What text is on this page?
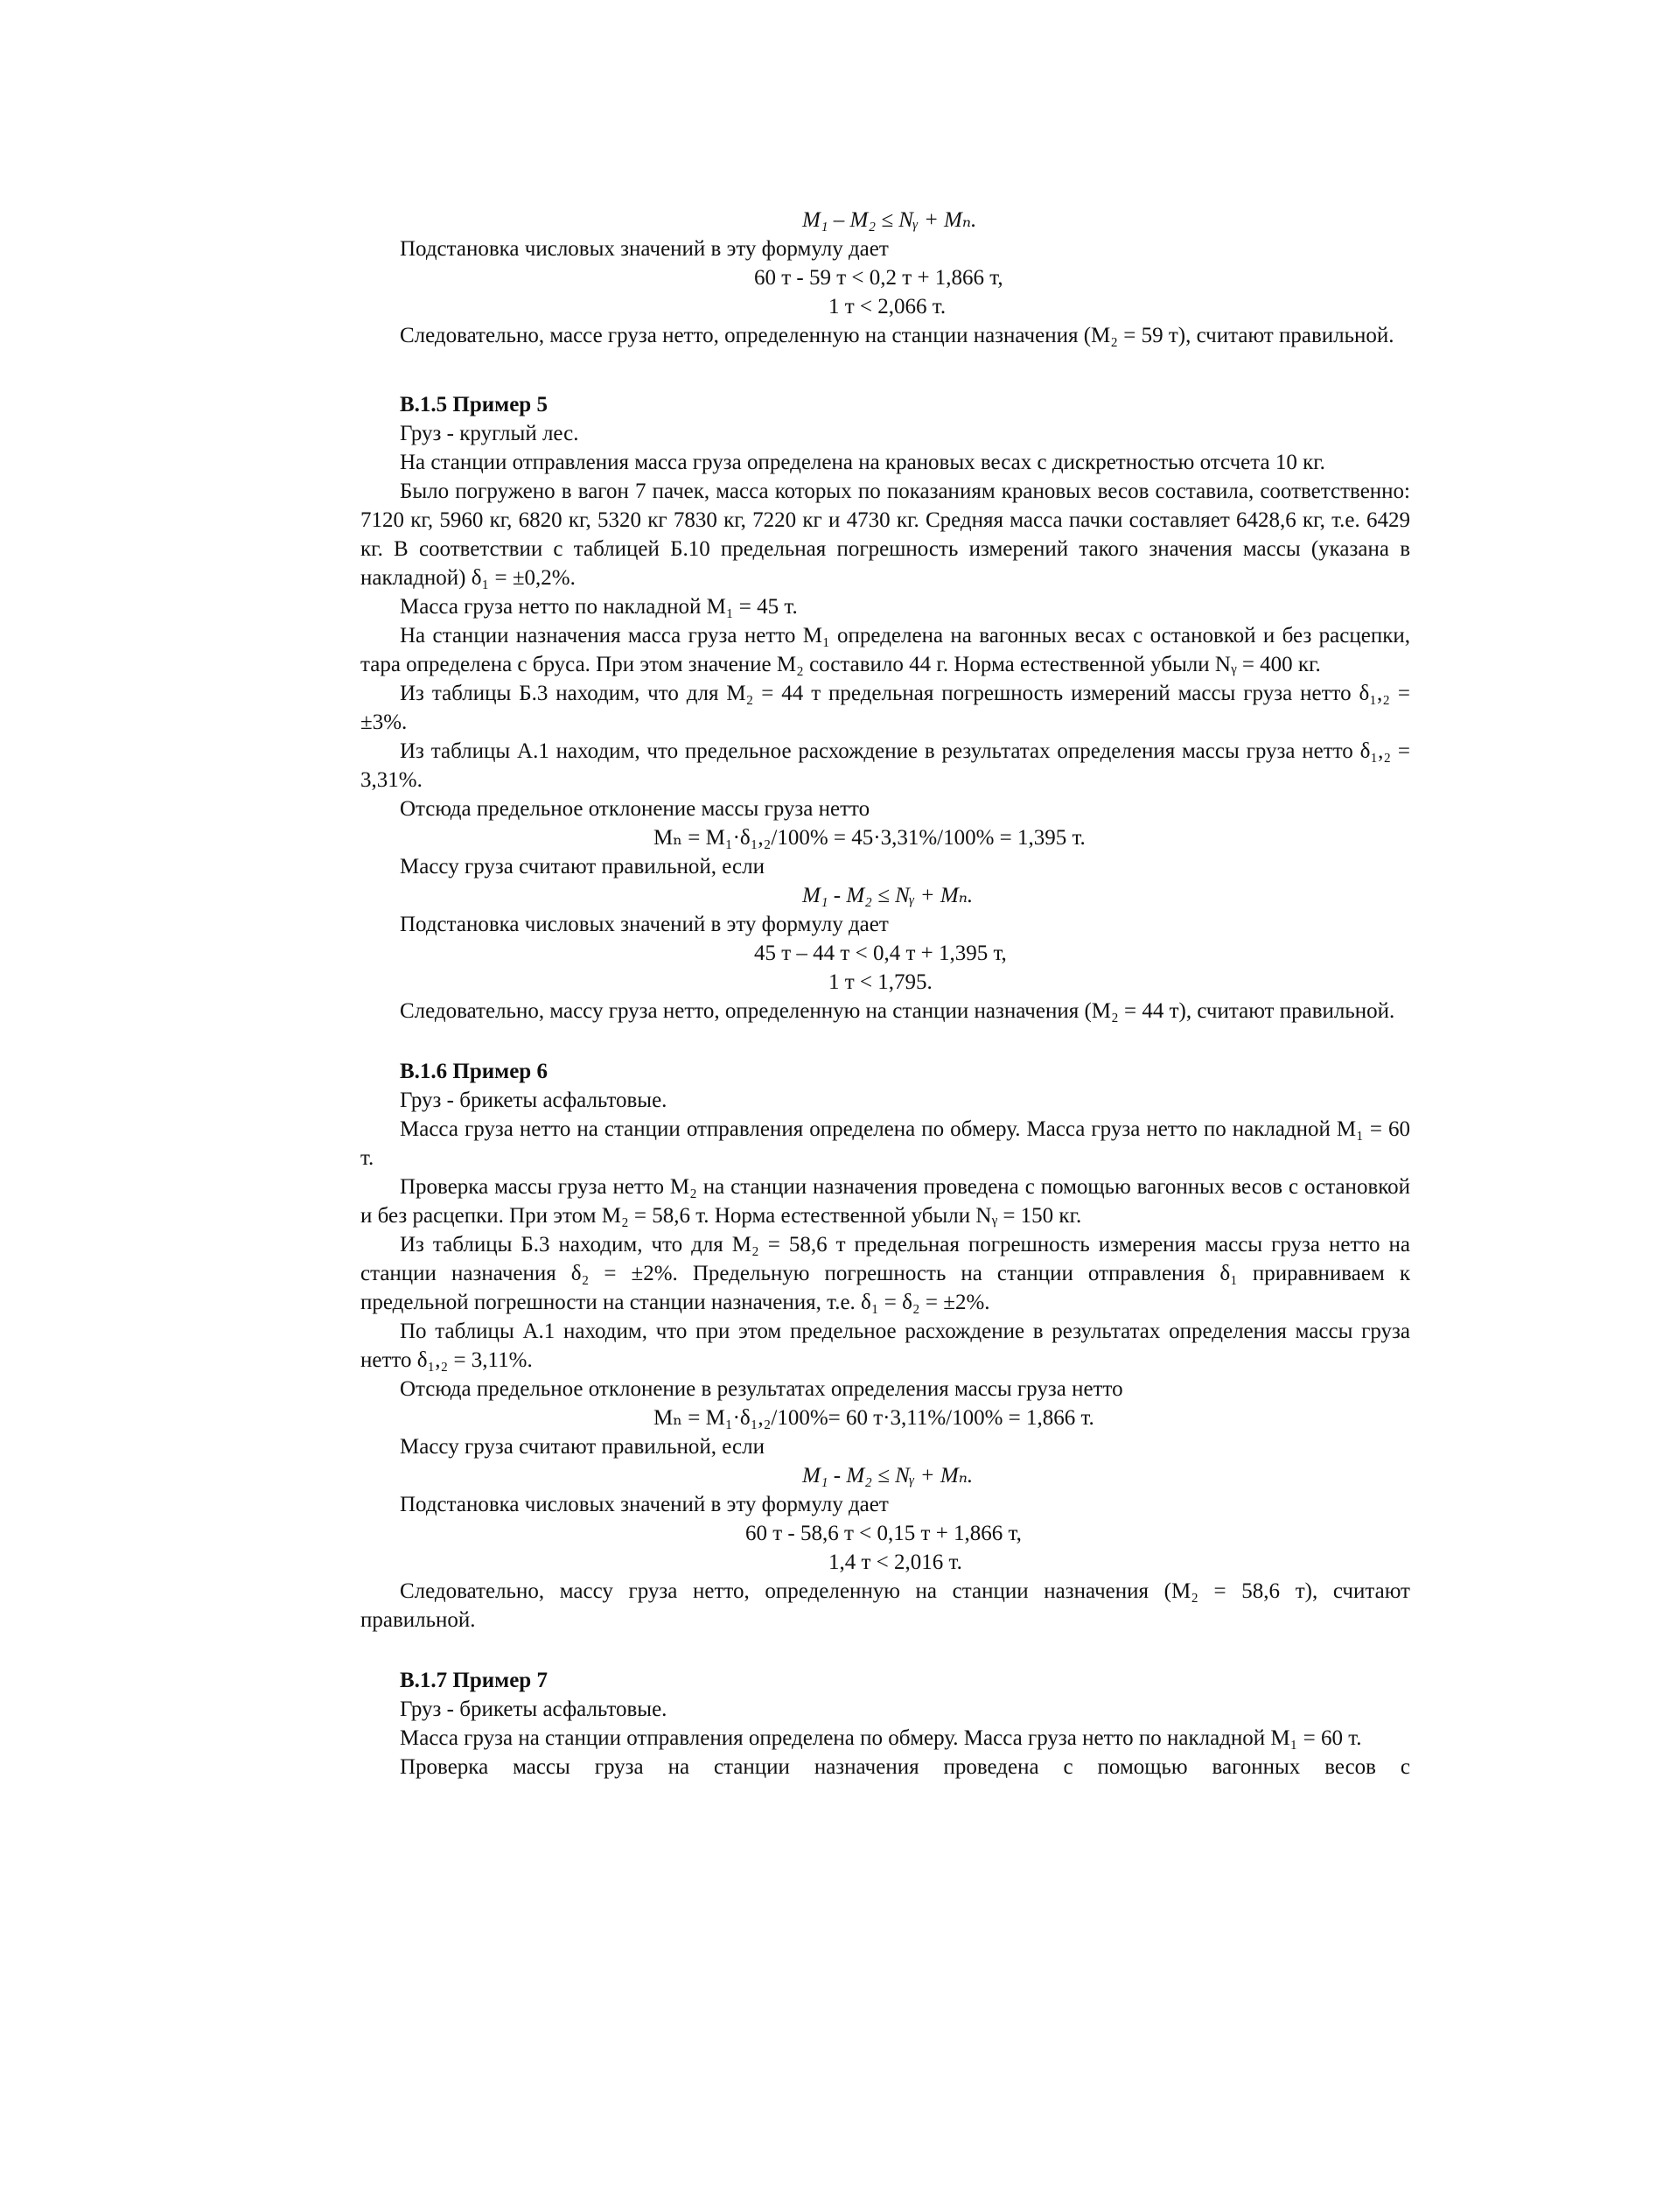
M₁ – M₂ ≤ Nᵧ + Mₙ.

Подстановка числовых значений в эту формулу дает

60 т - 59 т < 0,2 т + 1,866 т,

1 т < 2,066 т.

Следовательно, массе груза нетто, определенную на станции назначения (M₂ = 59 т), считают правильной.

В.1.5 Пример 5

Груз - круглый лес.

На станции отправления масса груза определена на крановых весах с дискретностью отсчета 10 кг.

Было погружено в вагон 7 пачек, масса которых по показаниям крановых весов составила, соответственно: 7120 кг, 5960 кг, 6820 кг, 5320 кг 7830 кг, 7220 кг и 4730 кг. Средняя масса пачки составляет 6428,6 кг, т.е. 6429 кг. В соответствии с таблицей Б.10 предельная погрешность измерений такого значения массы (указана в накладной) δ₁ = ±0,2%.

Масса груза нетто по накладной M₁ = 45 т.

На станции назначения масса груза нетто M₁ определена на вагонных весах с остановкой и без расцепки, тара определена с бруса. При этом значение M₂ составило 44 г. Норма естественной убыли Nᵧ = 400 кг.

Из таблицы Б.3 находим, что для M₂ = 44 т предельная погрешность измерений массы груза нетто δ₁,₂ = ±3%.

Из таблицы А.1 находим, что предельное расхождение в результатах определения массы груза нетто δ₁,₂ = 3,31%.

Отсюда предельное отклонение массы груза нетто

Mₙ = M₁·δ₁,₂/100% = 45·3,31%/100% = 1,395 т.

Массу груза считают правильной, если

M₁ - M₂ ≤ Nᵧ + Mₙ.

Подстановка числовых значений в эту формулу дает

45 т – 44 т < 0,4 т + 1,395 т,

1 т < 1,795.

Следовательно, массу груза нетто, определенную на станции назначения (M₂ = 44 т), считают правильной.

В.1.6 Пример 6

Груз - брикеты асфальтовые.

Масса груза нетто на станции отправления определена по обмеру. Масса груза нетто по накладной M₁ = 60 т.

Проверка массы груза нетто M₂ на станции назначения проведена с помощью вагонных весов с остановкой и без расцепки. При этом M₂ = 58,6 т. Норма естественной убыли Nᵧ = 150 кг.

Из таблицы Б.3 находим, что для M₂ = 58,6 т предельная погрешность измерения массы груза нетто на станции назначения δ₂ = ±2%. Предельную погрешность на станции отправления δ₁ приравниваем к предельной погрешности на станции назначения, т.е. δ₁ = δ₂ = ±2%.

По таблицы А.1 находим, что при этом предельное расхождение в результатах определения массы груза нетто δ₁,₂ = 3,11%.

Отсюда предельное отклонение в результатах определения массы груза нетто

Mₙ = M₁·δ₁,₂/100%= 60 т·3,11%/100% = 1,866 т.

Массу груза считают правильной, если

M₁ - M₂ ≤ Nᵧ + Mₙ.

Подстановка числовых значений в эту формулу дает

60 т - 58,6 т < 0,15 т + 1,866 т,

1,4 т < 2,016 т.

Следовательно, массу груза нетто, определенную на станции назначения (M₂ = 58,6 т), считают правильной.

В.1.7 Пример 7

Груз - брикеты асфальтовые.

Масса груза на станции отправления определена по обмеру. Масса груза нетто по накладной M₁ = 60 т.

Проверка массы груза на станции назначения проведена с помощью вагонных весов с
